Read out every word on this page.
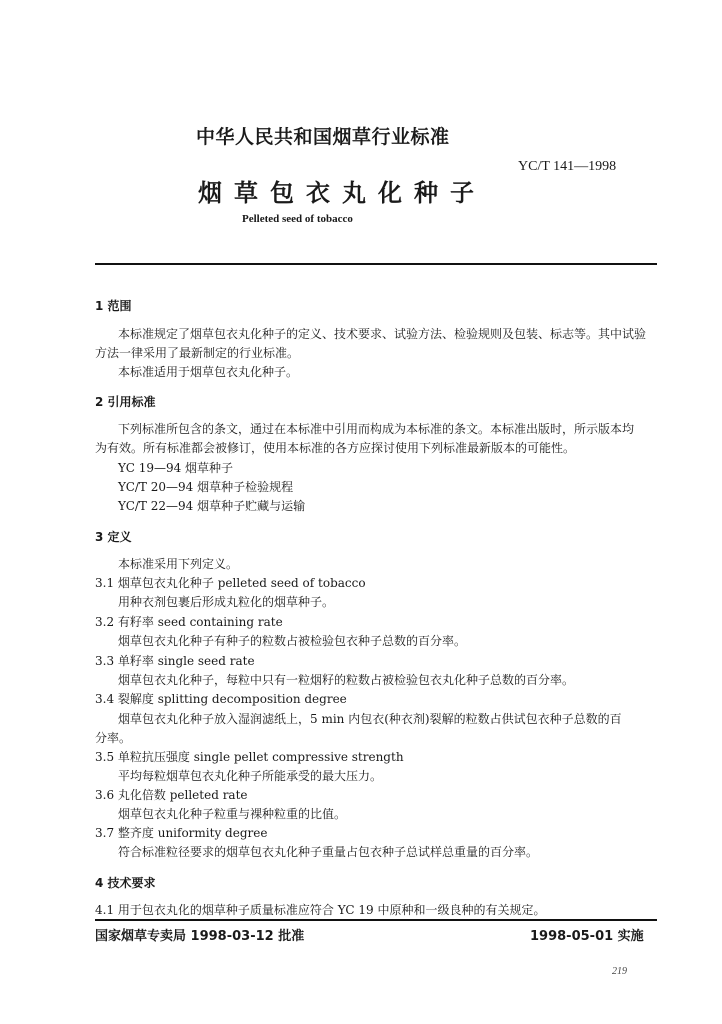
中华人民共和国烟草行业标准
YC/T 141—1998
烟草包衣丸化种子
Pelleted seed of tobacco
1 范围
本标准规定了烟草包衣丸化种子的定义、技术要求、试验方法、检验规则及包装、标志等。其中试验
方法一律采用了最新制定的行业标准。
本标准适用于烟草包衣丸化种子。
2 引用标准
下列标准所包含的条文，通过在本标准中引用而构成为本标准的条文。本标准出版时，所示版本均
为有效。所有标准都会被修订，使用本标准的各方应探讨使用下列标准最新版本的可能性。
YC 19—94 烟草种子
YC/T 20—94 烟草种子检验规程
YC/T 22—94 烟草种子贮藏与运输
3 定义
本标准采用下列定义。
3.1 烟草包衣丸化种子 pelleted seed of tobacco
用种衣剂包裹后形成丸粒化的烟草种子。
3.2 有籽率 seed containing rate
烟草包衣丸化种子有种子的粒数占被检验包衣种子总数的百分率。
3.3 单籽率 single seed rate
烟草包衣丸化种子，每粒中只有一粒烟籽的粒数占被检验包衣丸化种子总数的百分率。
3.4 裂解度 splitting decomposition degree
烟草包衣丸化种子放入湿润滤纸上，5 min 内包衣(种衣剂)裂解的粒数占供试包衣种子总数的百
分率。
3.5 单粒抗压强度 single pellet compressive strength
平均每粒烟草包衣丸化种子所能承受的最大压力。
3.6 丸化倍数 pelleted rate
烟草包衣丸化种子粒重与裸种粒重的比值。
3.7 整齐度 uniformity degree
符合标准粒径要求的烟草包衣丸化种子重量占包衣种子总试样总重量的百分率。
4 技术要求
4.1 用于包衣丸化的烟草种子质量标准应符合 YC 19 中原种和一级良种的有关规定。
国家烟草专卖局 1998-03-12 批准	1998-05-01 实施
219
